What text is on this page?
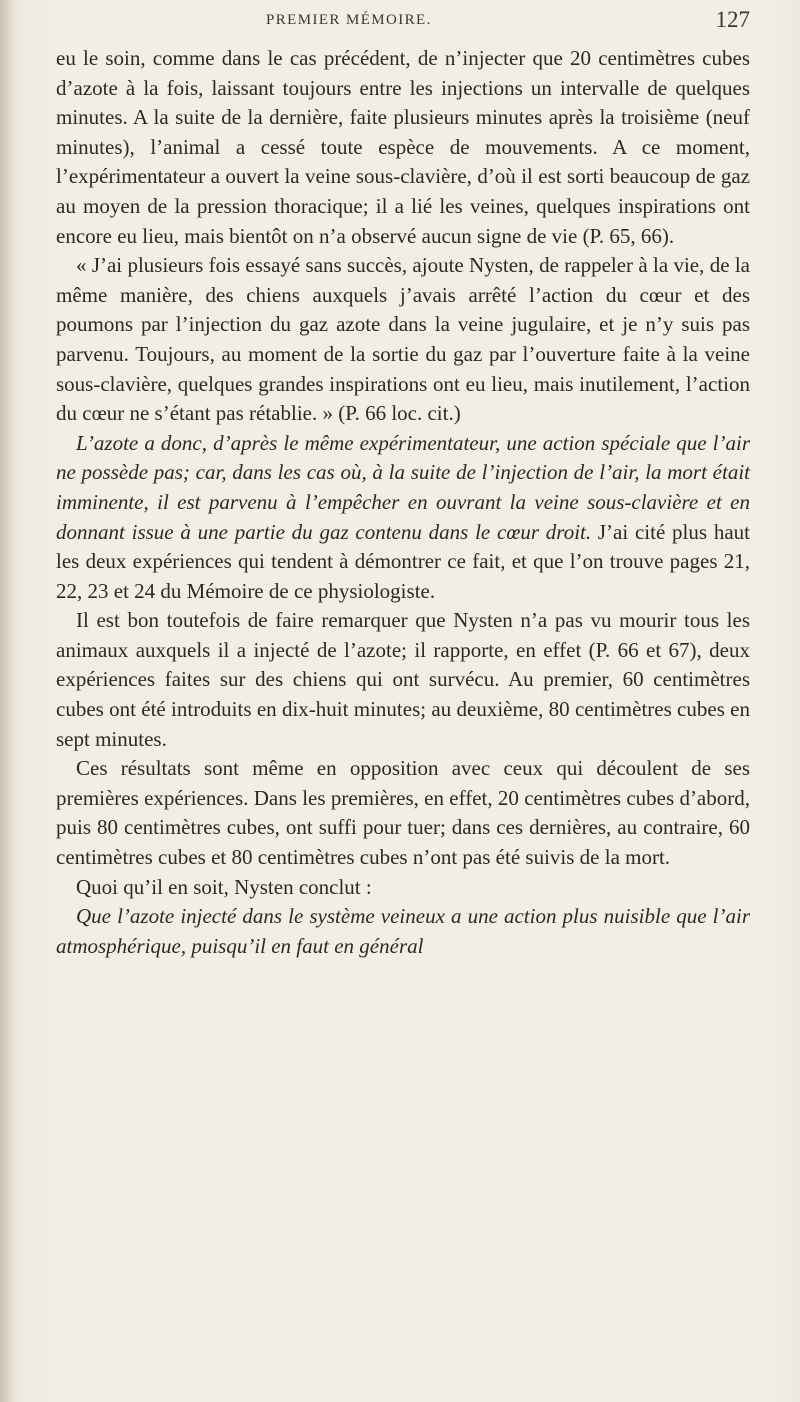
PREMIER MÉMOIRE.	127

eu le soin, comme dans le cas précédent, de n’injecter que 20 centimètres cubes d’azote à la fois, laissant toujours entre les injections un intervalle de quelques minutes. A la suite de la dernière, faite plusieurs minutes après la troisième (neuf minutes), l’animal a cessé toute espèce de mouvements. A ce moment, l’expérimentateur a ouvert la veine sous-clavière, d’où il est sorti beaucoup de gaz au moyen de la pression thoracique; il a lié les veines, quelques inspirations ont encore eu lieu, mais bientôt on n’a observé aucun signe de vie (P. 65, 66).

« J’ai plusieurs fois essayé sans succès, ajoute Nysten, de rappeler à la vie, de la même manière, des chiens auxquels j’avais arrêté l’action du cœur et des poumons par l’injection du gaz azote dans la veine jugulaire, et je n’y suis pas parvenu. Toujours, au moment de la sortie du gaz par l’ouverture faite à la veine sous-clavière, quelques grandes inspirations ont eu lieu, mais inutilement, l’action du cœur ne s’étant pas rétablie. » (P. 66 loc. cit.)

L’azote a donc, d’après le même expérimentateur, une action spéciale que l’air ne possède pas; car, dans les cas où, à la suite de l’injection de l’air, la mort était imminente, il est parvenu à l’empêcher en ouvrant la veine sous-clavière et en donnant issue à une partie du gaz contenu dans le cœur droit. J’ai cité plus haut les deux expériences qui tendent à démontrer ce fait, et que l’on trouve pages 21, 22, 23 et 24 du Mémoire de ce physiologiste.

Il est bon toutefois de faire remarquer que Nysten n’a pas vu mourir tous les animaux auxquels il a injecté de l’azote; il rapporte, en effet (P. 66 et 67), deux expériences faites sur des chiens qui ont survécu. Au premier, 60 centimètres cubes ont été introduits en dix-huit minutes; au deuxième, 80 centimètres cubes en sept minutes.

Ces résultats sont même en opposition avec ceux qui découlent de ses premières expériences. Dans les premières, en effet, 20 centimètres cubes d’abord, puis 80 centimètres cubes, ont suffi pour tuer; dans ces dernières, au contraire, 60 centimètres cubes et 80 centimètres cubes n’ont pas été suivis de la mort.

Quoi qu’il en soit, Nysten conclut :

Que l’azote injecté dans le système veineux a une action plus nuisible que l’air atmosphérique, puisqu’il en faut en général
